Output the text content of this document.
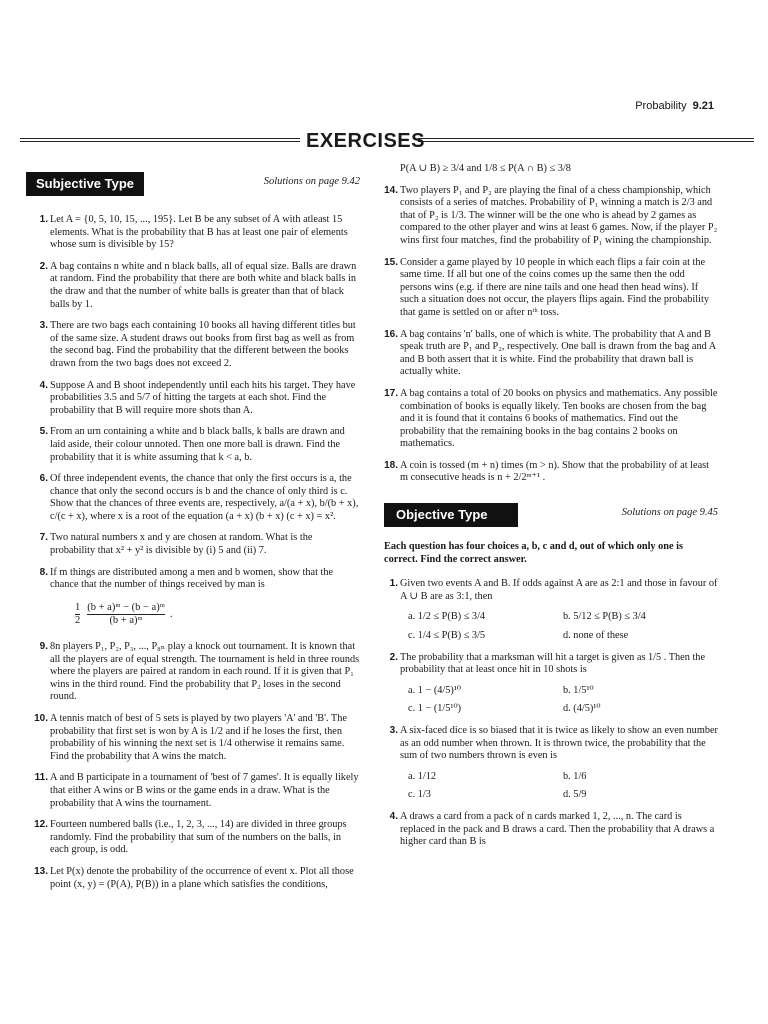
Probability 9.21
EXERCISES
Subjective Type	Solutions on page 9.42
1. Let A = {0, 5, 10, 15, ..., 195}. Let B be any subset of A with atleast 15 elements. What is the probability that B has at least one pair of elements whose sum is divisible by 15?
2. A bag contains n white and n black balls, all of equal size. Balls are drawn at random. Find the probability that there are both white and black balls in the draw and that the number of white balls is greater than that of black balls by 1.
3. There are two bags each containing 10 books all having different titles but of the same size. A student draws out books from first bag as well as from the second bag. Find the probability that the different between the books drawn from the two bags does not exceed 2.
4. Suppose A and B shoot independently until each hits his target. They have probabilities 3.5 and 5/7 of hitting the targets at each shot. Find the probability that B will require more shots than A.
5. From an urn containing a white and b black balls, k balls are drawn and laid aside, their colour unnoted. Then one more ball is drawn. Find the probability that it is white assuming that k < a, b.
6. Of three independent events, the chance that only the first occurs is a, the chance that only the second occurs is b and the chance of only third is c. Show that the chances of three events are, respectively, a/(a + x), b/(b + x), c/(c + x), where x is a root of the equation (a + x) (b + x) (c + x) = x².
7. Two natural numbers x and y are chosen at random. What is the probability that x² + y² is divisible by (i) 5 and (ii) 7.
8. If m things are distributed among a men and b women, show that the chance that the number of things received by man is
1
2

(b + a)ᵐ − (b − a)ᵐ
(b + a)ᵐ
	.
9. 8n players P₁, P₂, P₃, ..., P₈ₙ play a knock out tournament. It is known that all the players are of equal strength. The tournament is held in three rounds where the players are paired at random in each round. If it is given that P₁ wins in the third round. Find the probability that P₂ loses in the second round.
10. A tennis match of best of 5 sets is played by two players 'A' and 'B'. The probability that first set is won by A is 1/2 and if he loses the first, then probability of his winning the next set is 1/4 otherwise it remains same. Find the probability that A wins the match.
11. A and B participate in a tournament of 'best of 7 games'. It is equally likely that either A wins or B wins or the game ends in a draw. What is the probability that A wins the tournament.
12. Fourteen numbered balls (i.e., 1, 2, 3, ..., 14) are divided in three groups randomly. Find the probability that sum of the numbers on the balls, in each group, is odd.
13. Let P(x) denote the probability of the occurrence of event x. Plot all those point (x, y) = (P(A), P(B)) in a plane which satisfies the conditions,
P(A ∪ B) ≥ 3/4 and 1/8 ≤ P(A ∩ B) ≤ 3/8
14. Two players P₁ and P₂ are playing the final of a chess championship, which consists of a series of matches. Probability of P₁ winning a match is 2/3 and that of P₂ is 1/3. The winner will be the one who is ahead by 2 games as compared to the other player and wins at least 6 games. Now, if the player P₂ wins first four matches, find the probability of P₁ wining the championship.
15. Consider a game played by 10 people in which each flips a fair coin at the same time. If all but one of the coins comes up the same then the odd persons wins (e.g. if there are nine tails and one head then head wins). If such a situation does not occur, the players flips again. Find the probability that game is settled on or after nᵗʰ toss.
16. A bag contains 'n' balls, one of which is white. The probability that A and B speak truth are P₁ and P₂, respectively. One ball is drawn from the bag and A and B both assert that it is white. Find the probability that drawn ball is actually white.
17. A bag contains a total of 20 books on physics and mathematics. Any possible combination of books is equally likely. Ten books are chosen from the bag and it is found that it contains 6 books of mathematics. Find out the probability that the remaining books in the bag contains 2 books on mathematics.
18. A coin is tossed (m + n) times (m > n). Show that the probability of at least m consecutive heads is n + 2/2ᵐ⁺¹ .
Objective Type	Solutions on page 9.45
Each question has four choices a, b, c and d, out of which only one is correct. Find the correct answer.
1. Given two events A and B. If odds against A are as 2:1 and those in favour of A ∪ B are as 3:1, then
a. 1/2 ≤ P(B) ≤ 3/4	b. 5/12 ≤ P(B) ≤ 3/4
c. 1/4 ≤ P(B) ≤ 3/5	d. none of these
2. The probability that a marksman will hit a target is given as 1/5 . Then the probability that at least once hit in 10 shots is
a. 1 − (4/5)¹⁰	b. 1/5¹⁰
c. 1 − (1/5¹⁰)	d. (4/5)¹⁰
3. A six-faced dice is so biased that it is twice as likely to show an even number as an odd number when thrown. It is thrown twice, the probability that the sum of two numbers thrown is even is
a. 1/12	b. 1/6
c. 1/3	d. 5/9
4. A draws a card from a pack of n cards marked 1, 2, ..., n. The card is replaced in the pack and B draws a card. Then the probability that A draws a higher card than B is
